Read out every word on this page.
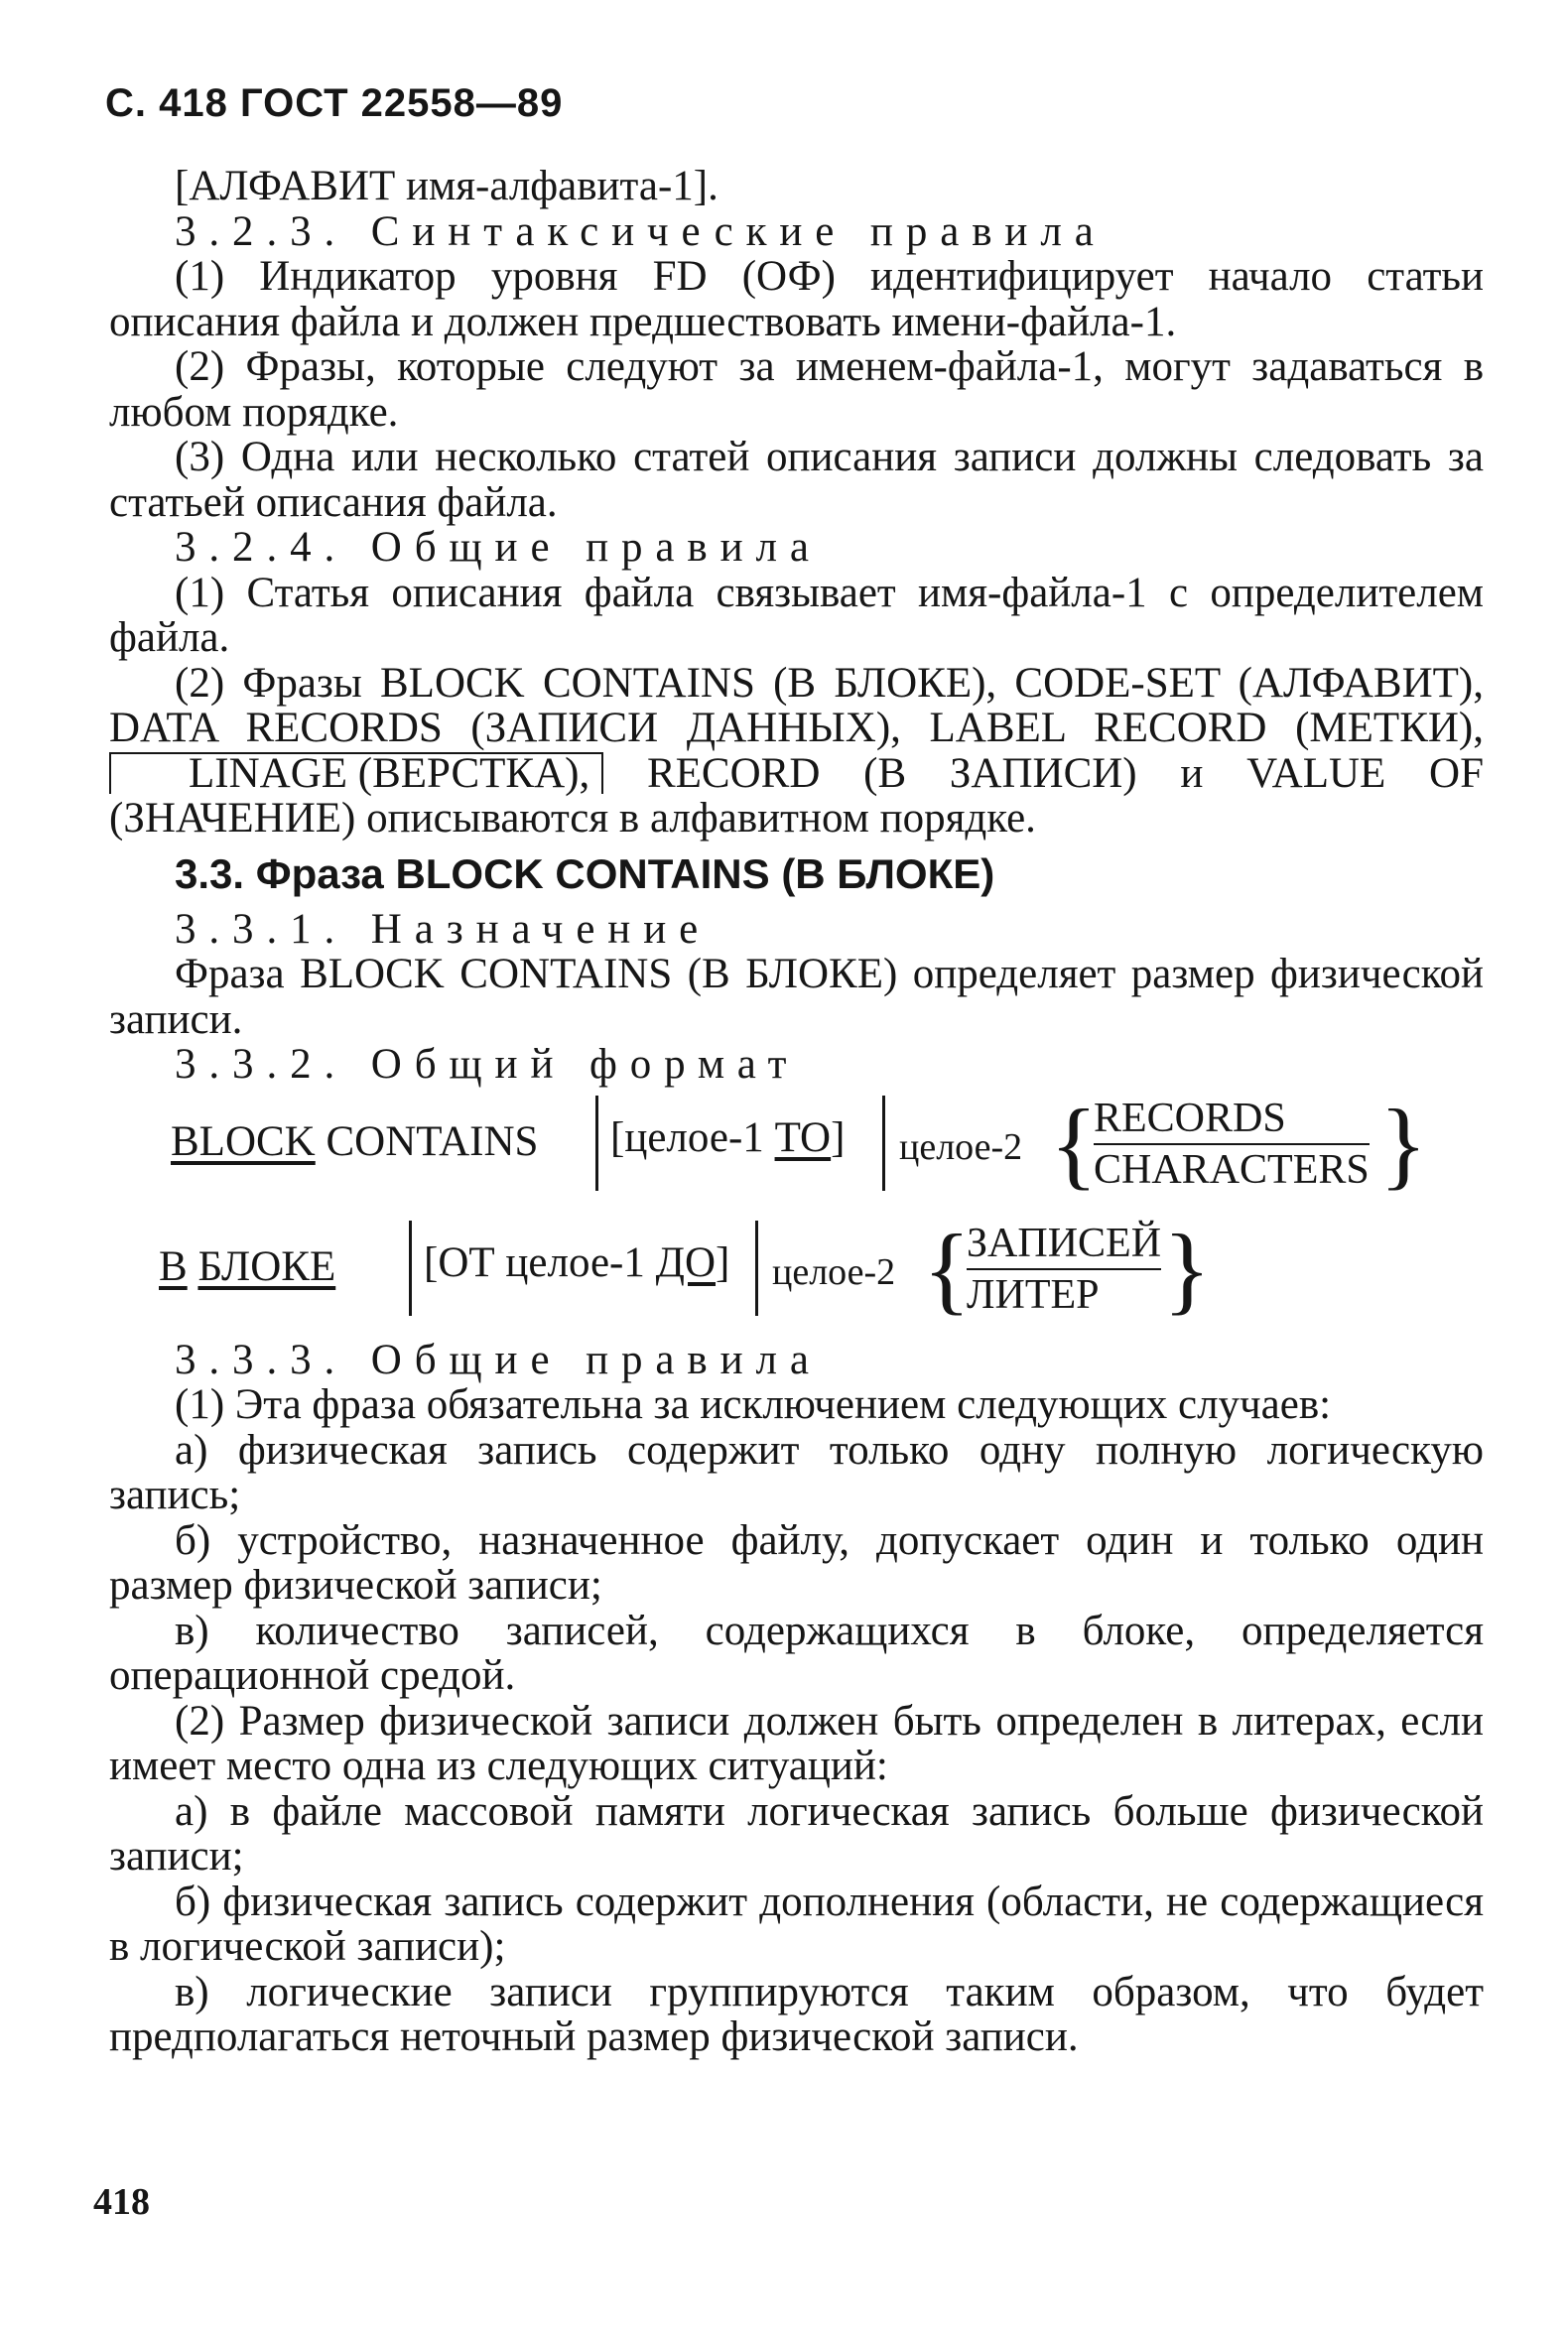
С. 418 ГОСТ 22558—89

[АЛФАВИТ имя-алфавита-1].

3.2.3. Синтаксические правила

(1) Индикатор уровня FD (ОФ) идентифицирует начало статьи описания файла и должен предшествовать имени-файла-1.

(2) Фразы, которые следуют за именем-файла-1, могут задаваться в любом порядке.

(3) Одна или несколько статей описания записи должны следовать за статьей описания файла.

3.2.4. Общие правила

(1) Статья описания файла связывает имя-файла-1 с определителем файла.

(2) Фразы BLOCK CONTAINS (В БЛОКЕ), CODE-SET (АЛФАВИТ), DATA RECORDS (ЗАПИСИ ДАННЫХ), LABEL RECORD (МЕТКИ), LINAGE (ВЕРСТКА), RECORD (В ЗАПИСИ) и VALUE OF (ЗНАЧЕНИЕ) описываются в алфавитном порядке.

3.3. Фраза BLOCK CONTAINS (В БЛОКЕ)

3.3.1. Назначение

Фраза BLOCK CONTAINS (В БЛОКЕ) определяет размер физической записи.

3.3.2. Общий формат

BLOCK CONTAINS [целое-1 TO] целое-2 {
RECORDS
CHARACTERS }
В БЛОКЕ [ОТ целое-1 ДО] целое-2 {
ЗАПИСЕЙ
ЛИТЕР }

3.3.3. Общие правила

(1) Эта фраза обязательна за исключением следующих случаев:

а) физическая запись содержит только одну полную логическую запись;

б) устройство, назначенное файлу, допускает один и только один размер физической записи;

в) количество записей, содержащихся в блоке, определяется операционной средой.

(2) Размер физической записи должен быть определен в литерах, если имеет место одна из следующих ситуаций:

а) в файле массовой памяти логическая запись больше физической записи;

б) физическая запись содержит дополнения (области, не содержащиеся в логической записи);

в) логические записи группируются таким образом, что будет предполагаться неточный размер физической записи.

418
